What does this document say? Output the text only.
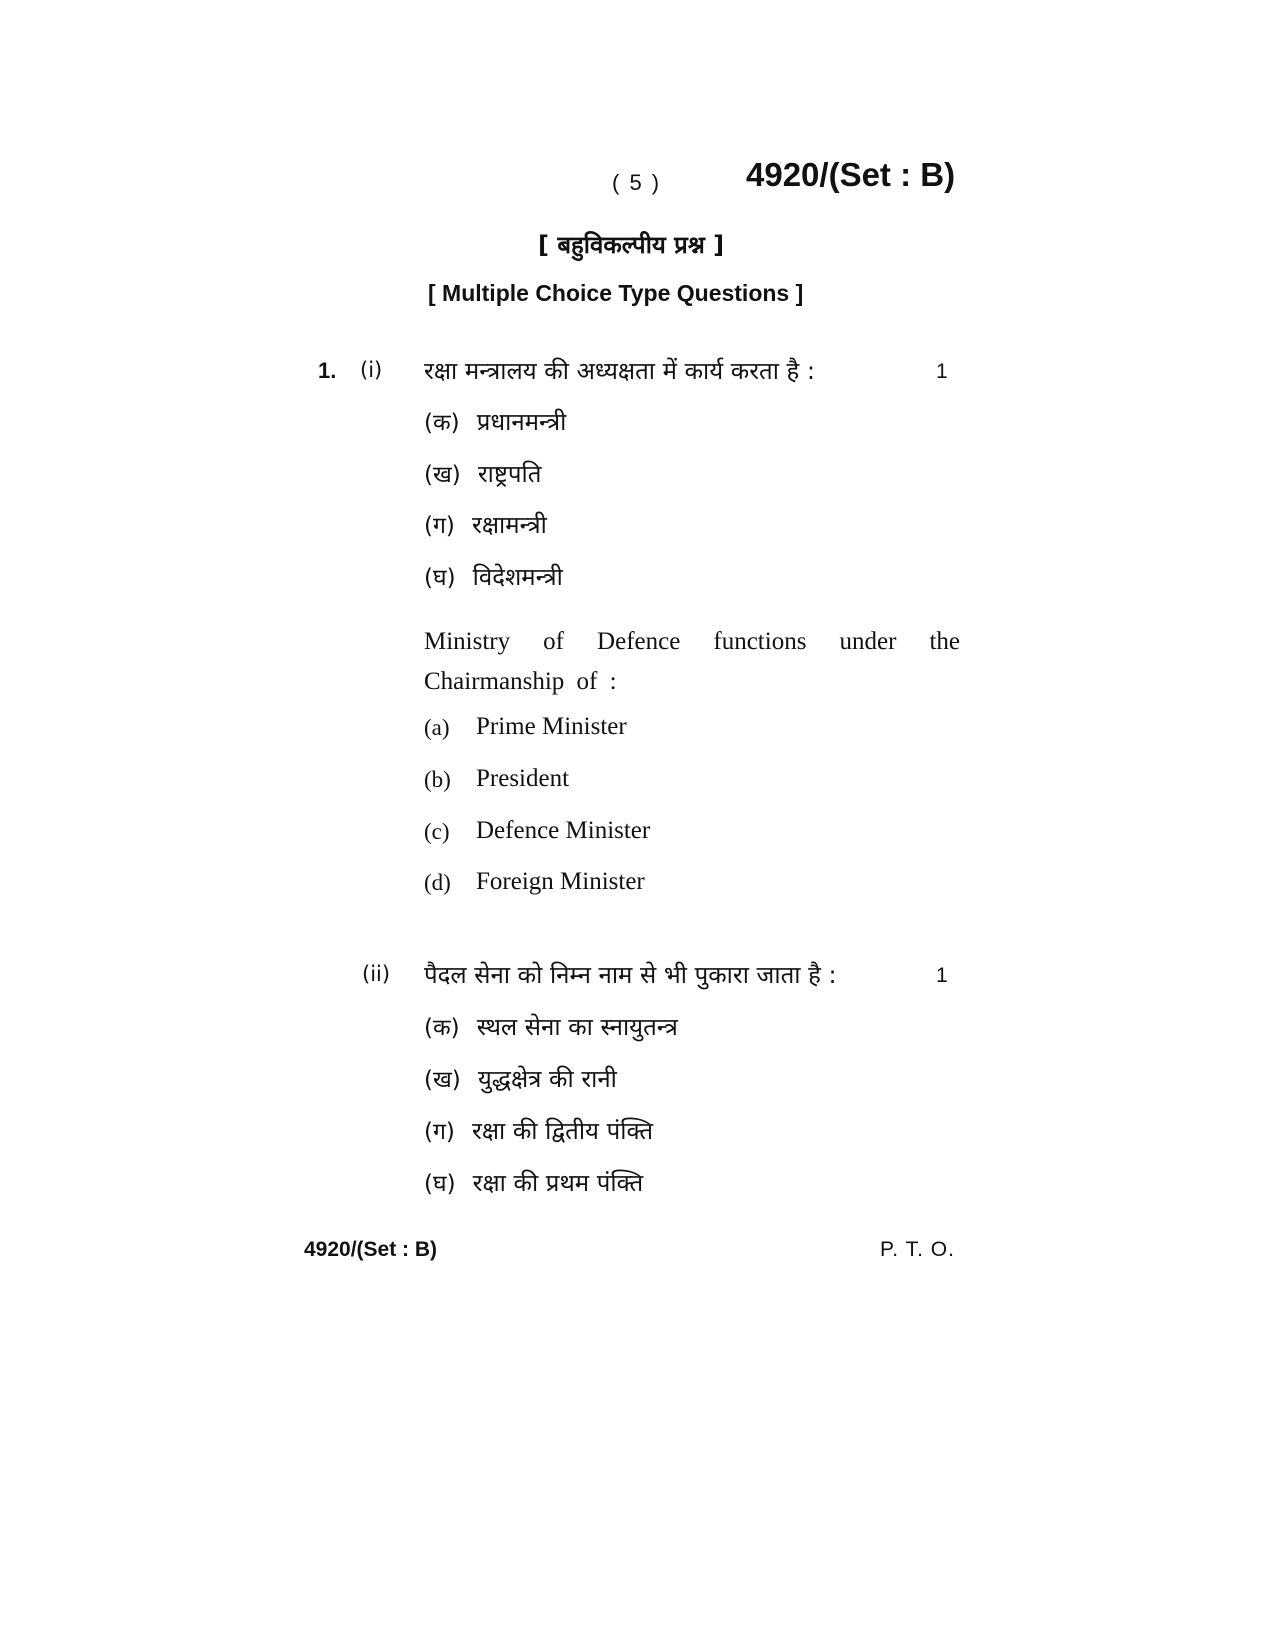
( 5 )	4920/(Set : B)
[ बहुविकल्पीय प्रश्न ]
[ Multiple Choice Type Questions ]
1. (i) रक्षा मन्त्रालय की अध्यक्षता में कार्य करता है :	1
(क) प्रधानमन्त्री
(ख) राष्ट्रपति
(ग) रक्षामन्त्री
(घ) विदेशमन्त्री
Ministry of Defence functions under the Chairmanship of :
(a) Prime Minister
(b) President
(c) Defence Minister
(d) Foreign Minister
(ii) पैदल सेना को निम्न नाम से भी पुकारा जाता है :	1
(क) स्थल सेना का स्नायुतन्त्र
(ख) युद्धक्षेत्र की रानी
(ग) रक्षा की द्वितीय पंक्ति
(घ) रक्षा की प्रथम पंक्ति
4920/(Set : B)	P. T. O.
